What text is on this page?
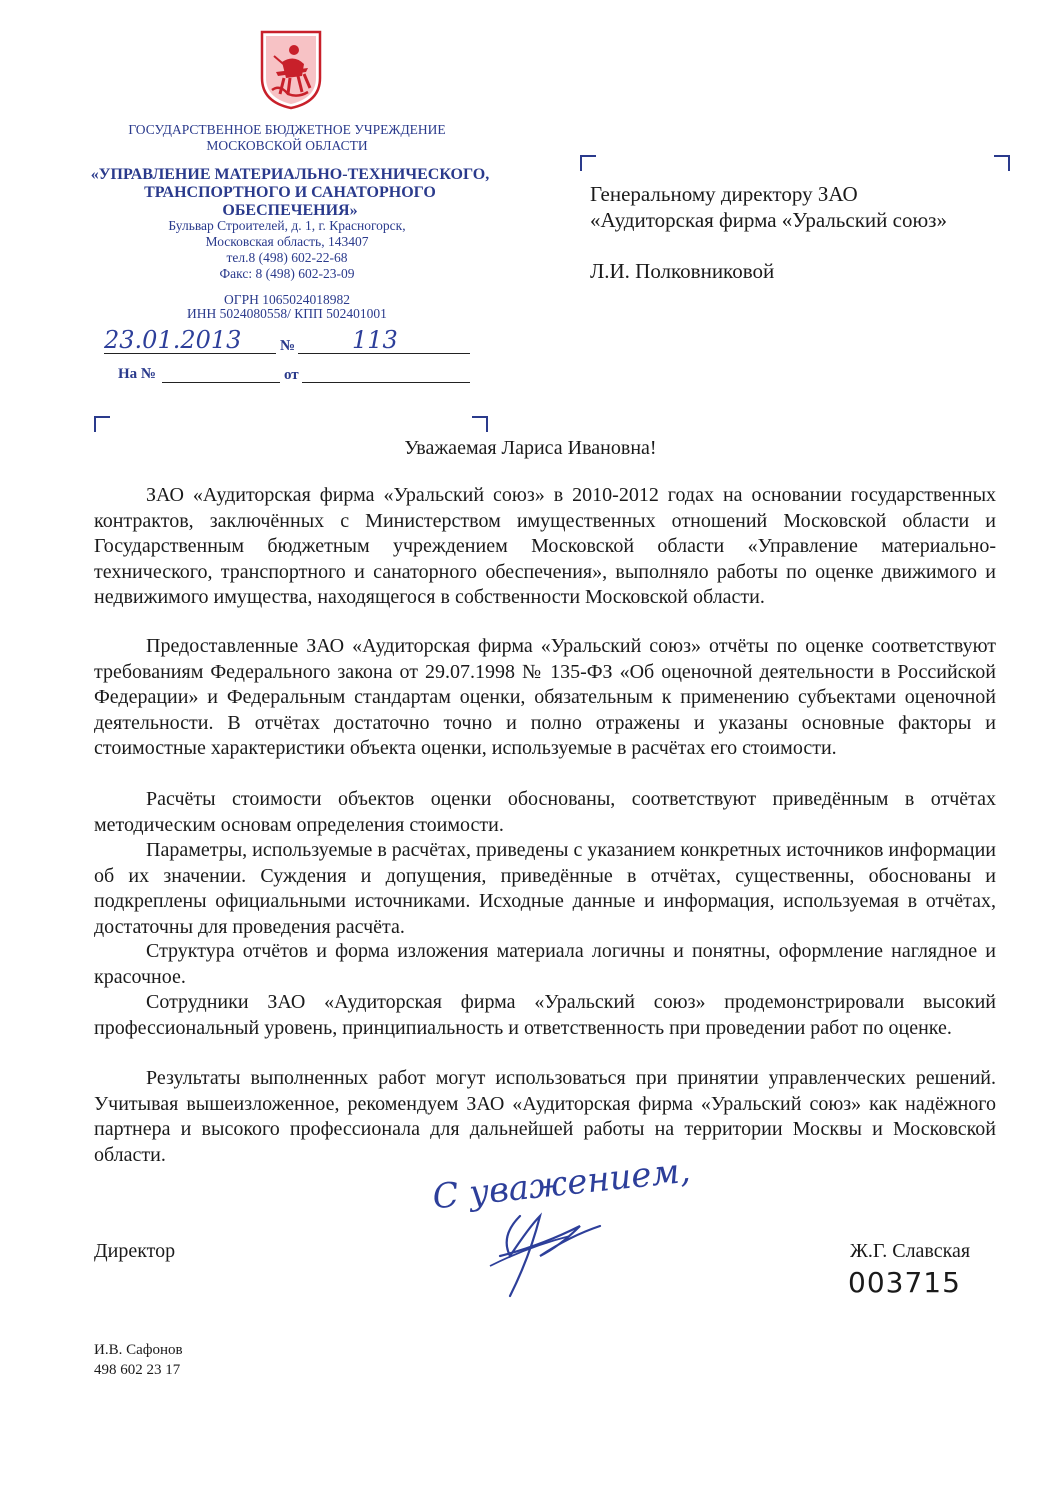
ГОСУДАРСТВЕННОЕ БЮДЖЕТНОЕ УЧРЕЖДЕНИЕ
МОСКОВСКОЙ ОБЛАСТИ
«УПРАВЛЕНИЕ МАТЕРИАЛЬНО-ТЕХНИЧЕСКОГО,
ТРАНСПОРТНОГО И САНАТОРНОГО ОБЕСПЕЧЕНИЯ»
Бульвар Строителей, д. 1, г. Красногорск,
Московская область, 143407
тел.8 (498) 602-22-68
Факс: 8 (498) 602-23-09
ОГРН 1065024018982
ИНН 5024080558/ КПП 502401001
23.01.2013	№ 113
На №	от
Генеральному директору ЗАО
«Аудиторская фирма «Уральский союз»
Л.И. Полковниковой
Уважаемая Лариса Ивановна!

ЗАО «Аудиторская фирма «Уральский союз» в 2010-2012 годах на основании государственных контрактов, заключённых с Министерством имущественных отношений Московской области и Государственным бюджетным учреждением Московской области «Управление материально-технического, транспортного и санаторного обеспечения», выполняло работы по оценке движимого и недвижимого имущества, находящегося в собственности Московской области.

Предоставленные ЗАО «Аудиторская фирма «Уральский союз» отчёты по оценке соответствуют требованиям Федерального закона от 29.07.1998 № 135-ФЗ «Об оценочной деятельности в Российской Федерации» и Федеральным стандартам оценки, обязательным к применению субъектами оценочной деятельности. В отчётах достаточно точно и полно отражены и указаны основные факторы и стоимостные характеристики объекта оценки, используемые в расчётах его стоимости.

Расчёты стоимости объектов оценки обоснованы, соответствуют приведённым в отчётах методическим основам определения стоимости.

Параметры, используемые в расчётах, приведены с указанием конкретных источников информации об их значении. Суждения и допущения, приведённые в отчётах, существенны, обоснованы и подкреплены официальными источниками. Исходные данные и информация, используемая в отчётах, достаточны для проведения расчёта.

Структура отчётов и форма изложения материала логичны и понятны, оформление наглядное и красочное.

Сотрудники ЗАО «Аудиторская фирма «Уральский союз» продемонстрировали высокий профессиональный уровень, принципиальность и ответственность при проведении работ по оценке.

Результаты выполненных работ могут использоваться при принятии управленческих решений. Учитывая вышеизложенное, рекомендуем ЗАО «Аудиторская фирма «Уральский союз» как надёжного партнера и высокого профессионала для дальнейшей работы на территории Москвы и Московской области.	С уважением,
Директор	Ж.Г. Славская
003715
И.В. Сафонов
498 602 23 17
